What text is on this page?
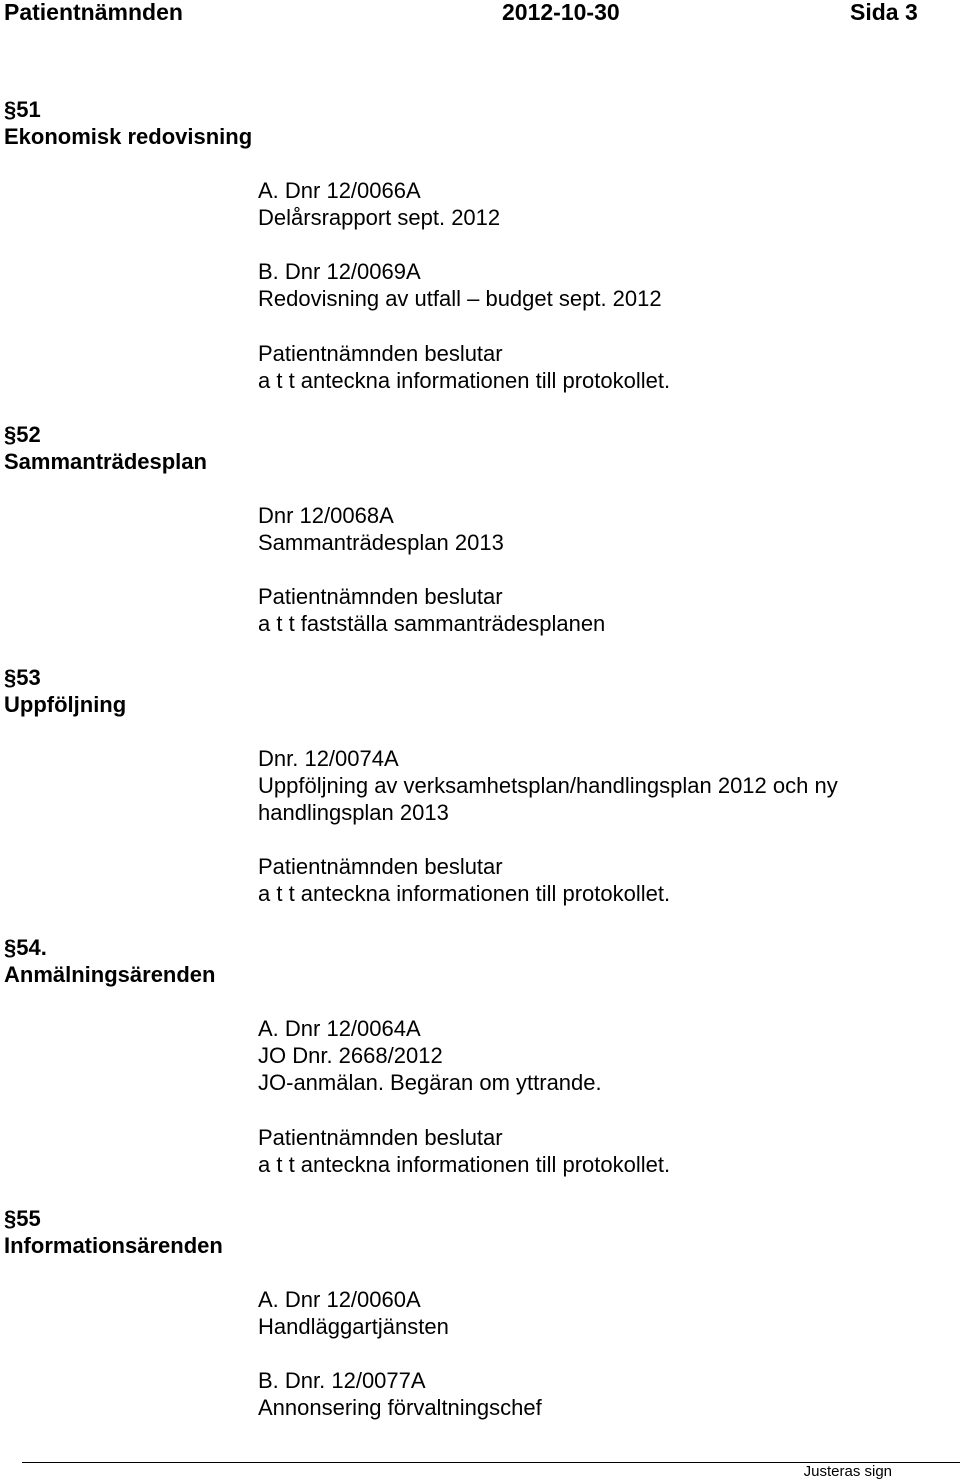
Patientnämnden	2012-10-30	Sida 3
§51
Ekonomisk redovisning
§52
Sammanträdesplan
§53
Uppföljning
§54.
Anmälningsärenden
§55
Informationsärenden
A. Dnr 12/0066A
Delårsrapport sept. 2012
B. Dnr 12/0069A
Redovisning av utfall – budget sept. 2012
Patientnämnden beslutar
a t t anteckna informationen till protokollet.
Dnr 12/0068A
Sammanträdesplan 2013
Patientnämnden beslutar
a t t fastställa sammanträdesplanen
Dnr. 12/0074A
Uppföljning av verksamhetsplan/handlingsplan 2012 och ny
handlingsplan 2013
Patientnämnden beslutar
a t t anteckna informationen till protokollet.
A. Dnr 12/0064A
JO Dnr. 2668/2012
JO-anmälan. Begäran om yttrande.
Patientnämnden beslutar
a t t anteckna informationen till protokollet.
A. Dnr 12/0060A
Handläggartjänsten
B. Dnr. 12/0077A
Annonsering förvaltningschef
Justeras sign
